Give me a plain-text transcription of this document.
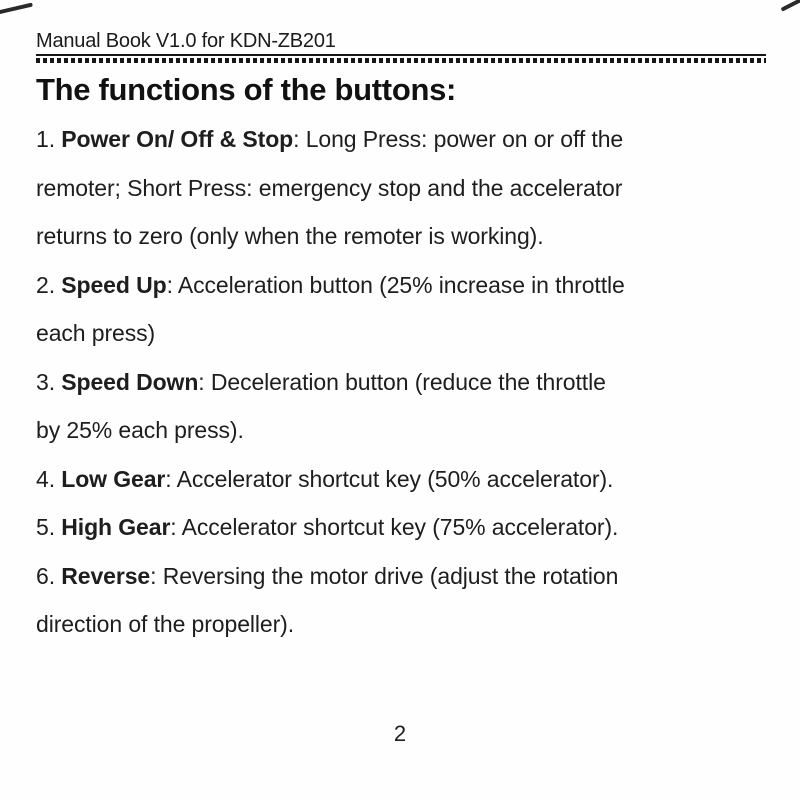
Manual Book V1.0 for KDN-ZB201
The functions of the buttons:

1. Power On/ Off & Stop: Long Press: power on or off the
remoter; Short Press: emergency stop and the accelerator
returns to zero (only when the remoter is working).

2. Speed Up: Acceleration button (25% increase in throttle
each press)

3. Speed Down: Deceleration button (reduce the throttle
by 25% each press).

4. Low Gear: Accelerator shortcut key (50% accelerator).

5. High Gear: Accelerator shortcut key (75% accelerator).

6. Reverse: Reversing the motor drive (adjust the rotation
direction of the propeller).

2
